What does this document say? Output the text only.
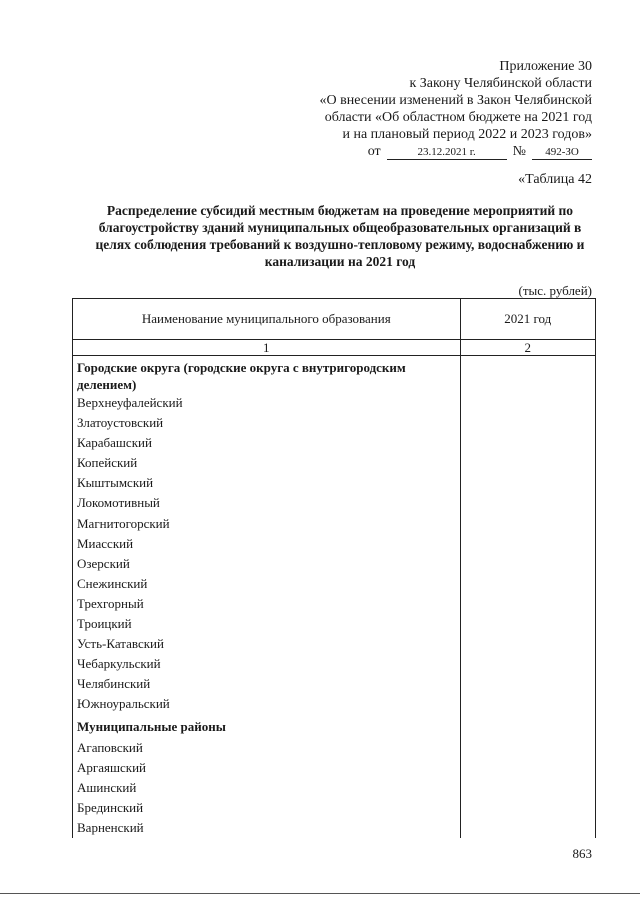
Приложение 30
к Закону Челябинской области
«О внесении изменений в Закон Челябинской
области «Об областном бюджете на 2021 год
и на плановый период 2022 и 2023 годов»
от	23.12.2021 г.	№	492-ЗО
«Таблица 42
Распределение субсидий местным бюджетам на проведение мероприятий по благоустройству зданий муниципальных общеобразовательных организаций в целях соблюдения требований к воздушно-тепловому режиму, водоснабжению и канализации на 2021 год
(тыс. рублей)
Наименование муниципального образования	2021 год
1	2
Городские округа (городские округа с внутригородским делением)	
Верхнеуфалейский	
Златоустовский	
Карабашский	
Копейский	
Кыштымский	
Локомотивный	
Магнитогорский	
Миасский	
Озерский	
Снежинский	
Трехгорный	
Троицкий	
Усть-Катавский	
Чебаркульский	
Челябинский	
Южноуральский	
Муниципальные районы	
Агаповский	
Аргаяшский	
Ашинский	
Брединский	
Варненский	
863
